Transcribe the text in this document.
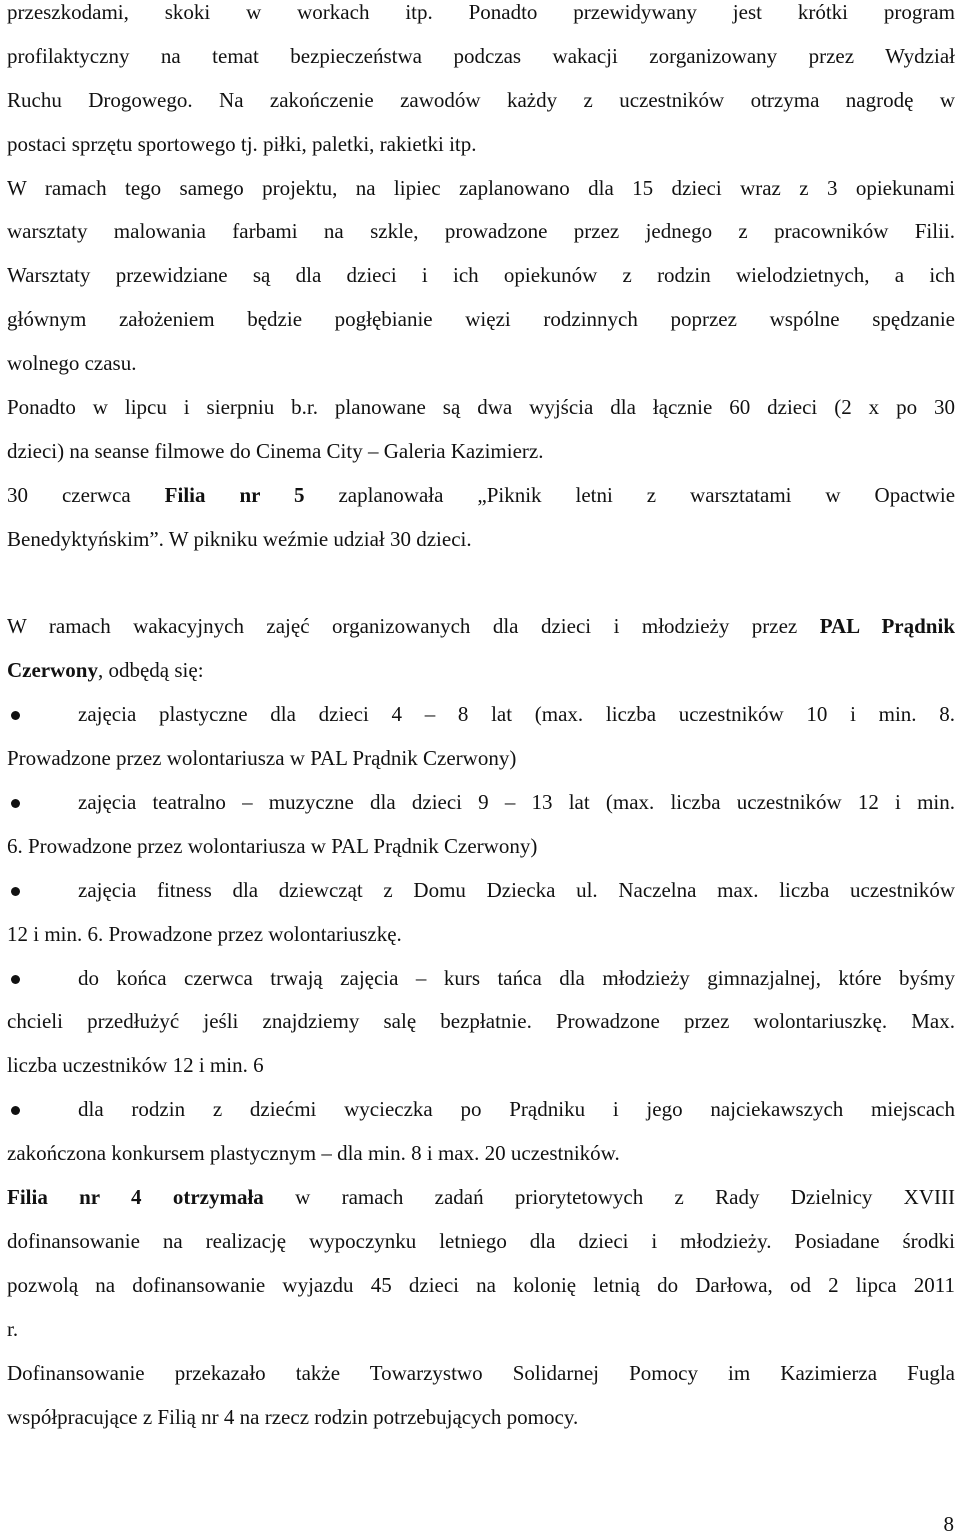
przeszkodami, skoki w workach itp. Ponadto przewidywany jest krótki program
profilaktyczny na temat bezpieczeństwa podczas wakacji zorganizowany przez Wydział
Ruchu Drogowego. Na zakończenie zawodów każdy z uczestników otrzyma nagrodę w
postaci sprzętu sportowego tj. piłki, paletki, rakietki itp.
W ramach tego samego projektu, na lipiec zaplanowano dla 15 dzieci wraz z 3 opiekunami
warsztaty malowania farbami na szkle, prowadzone przez jednego z pracowników Filii.
Warsztaty przewidziane są dla dzieci i ich opiekunów z rodzin wielodzietnych, a ich
głównym założeniem będzie pogłębianie więzi rodzinnych poprzez wspólne spędzanie
wolnego czasu.
Ponadto w lipcu i sierpniu b.r. planowane są dwa wyjścia dla łącznie 60 dzieci (2 x po 30
dzieci) na seanse filmowe do Cinema City – Galeria Kazimierz.
30 czerwca Filia nr 5 zaplanowała „Piknik letni z warsztatami w Opactwie
Benedyktyńskim”. W pikniku weźmie udział 30 dzieci.
W ramach wakacyjnych zajęć organizowanych dla dzieci i młodzieży przez PAL Prądnik
Czerwony, odbędą się:
zajęcia plastyczne dla dzieci 4 – 8 lat (max. liczba uczestników 10 i min. 8.
Prowadzone przez wolontariusza w PAL Prądnik Czerwony)
zajęcia teatralno – muzyczne dla dzieci 9 – 13 lat (max. liczba uczestników 12 i min.
6. Prowadzone przez wolontariusza w PAL Prądnik Czerwony)
zajęcia fitness dla dziewcząt z Domu Dziecka ul. Naczelna max. liczba uczestników
12 i min. 6. Prowadzone przez wolontariuszkę.
do końca czerwca trwają zajęcia – kurs tańca dla młodzieży gimnazjalnej, które byśmy
chcieli przedłużyć jeśli znajdziemy salę bezpłatnie. Prowadzone przez wolontariuszkę. Max.
liczba uczestników 12 i min. 6
dla rodzin z dziećmi wycieczka po Prądniku i jego najciekawszych miejscach
zakończona konkursem plastycznym – dla min. 8 i max. 20 uczestników.
Filia nr 4 otrzymała w ramach zadań priorytetowych z Rady Dzielnicy XVIII
dofinansowanie na realizację wypoczynku letniego dla dzieci i młodzieży. Posiadane środki
pozwolą na dofinansowanie wyjazdu 45 dzieci na kolonię letnią do Darłowa, od 2 lipca 2011
r.
Dofinansowanie przekazało także Towarzystwo Solidarnej Pomocy im Kazimierza Fugla
współpracujące z Filią nr 4 na rzecz rodzin potrzebujących pomocy.
8
